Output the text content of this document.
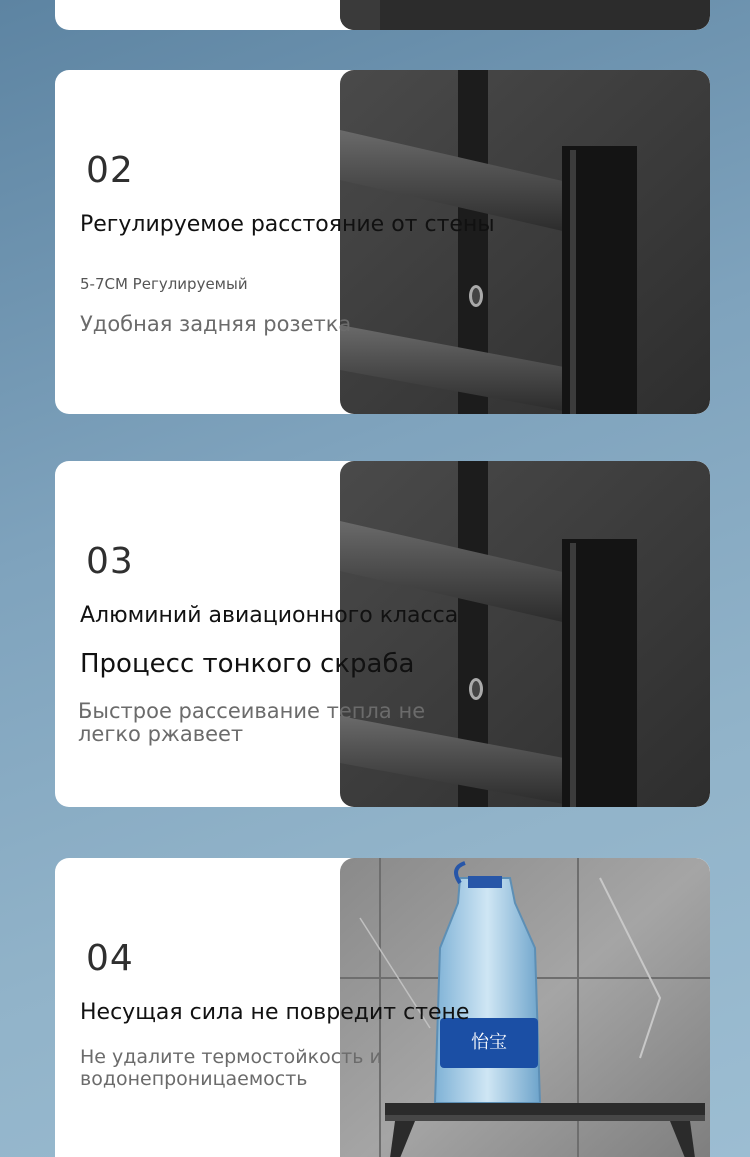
02
Регулируемое расстояние от стены
5-7CM Регулируемый
Удобная задняя розетка
03
Алюминий авиационного класса
Процесс тонкого скраба
Быстрое рассеивание тепла не
легко ржавеет
怡宝
04
Несущая сила не повредит стене
Не удалите термостойкость и
водонепроницаемость
